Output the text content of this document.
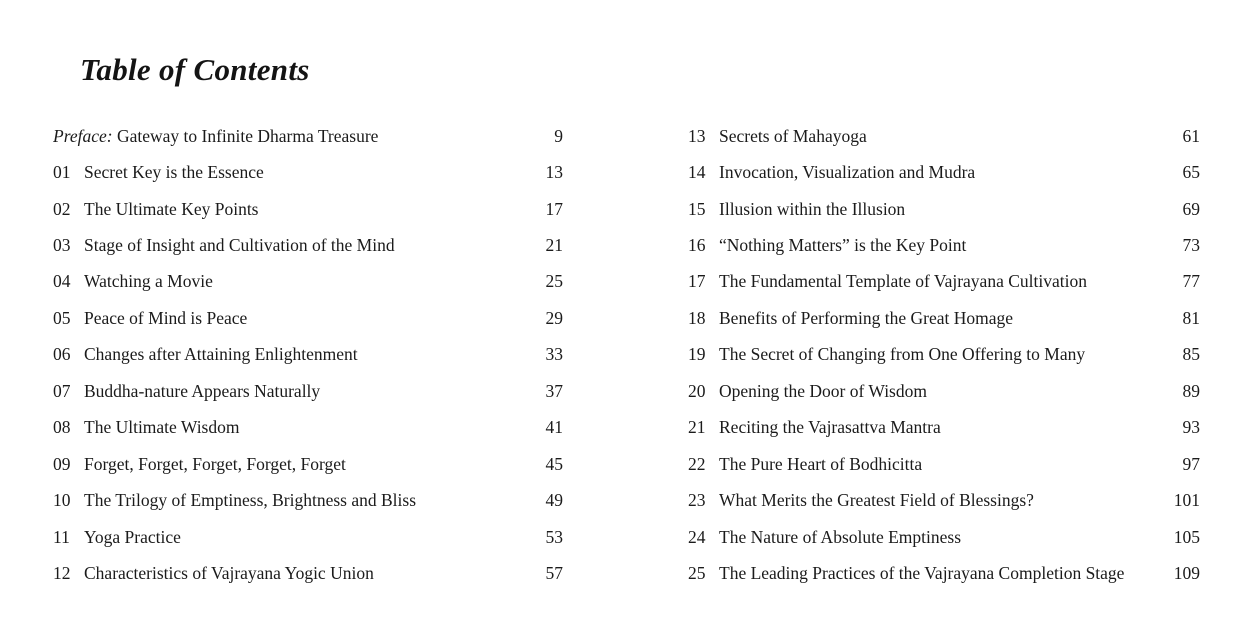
Table of Contents
Preface: Gateway to Infinite Dharma Treasure	9
01 Secret Key is the Essence	13
02 The Ultimate Key Points	17
03 Stage of Insight and Cultivation of the Mind	21
04 Watching a Movie	25
05 Peace of Mind is Peace	29
06 Changes after Attaining Enlightenment	33
07 Buddha-nature Appears Naturally	37
08 The Ultimate Wisdom	41
09 Forget, Forget, Forget, Forget, Forget	45
10 The Trilogy of Emptiness, Brightness and Bliss	49
11 Yoga Practice	53
12 Characteristics of Vajrayana Yogic Union	57
13 Secrets of Mahayoga	61
14 Invocation, Visualization and Mudra	65
15 Illusion within the Illusion	69
16 “Nothing Matters” is the Key Point	73
17 The Fundamental Template of Vajrayana Cultivation	77
18 Benefits of Performing the Great Homage	81
19 The Secret of Changing from One Offering to Many	85
20 Opening the Door of Wisdom	89
21 Reciting the Vajrasattva Mantra	93
22 The Pure Heart of Bodhicitta	97
23 What Merits the Greatest Field of Blessings?	101
24 The Nature of Absolute Emptiness	105
25 The Leading Practices of the Vajrayana Completion Stage	109
